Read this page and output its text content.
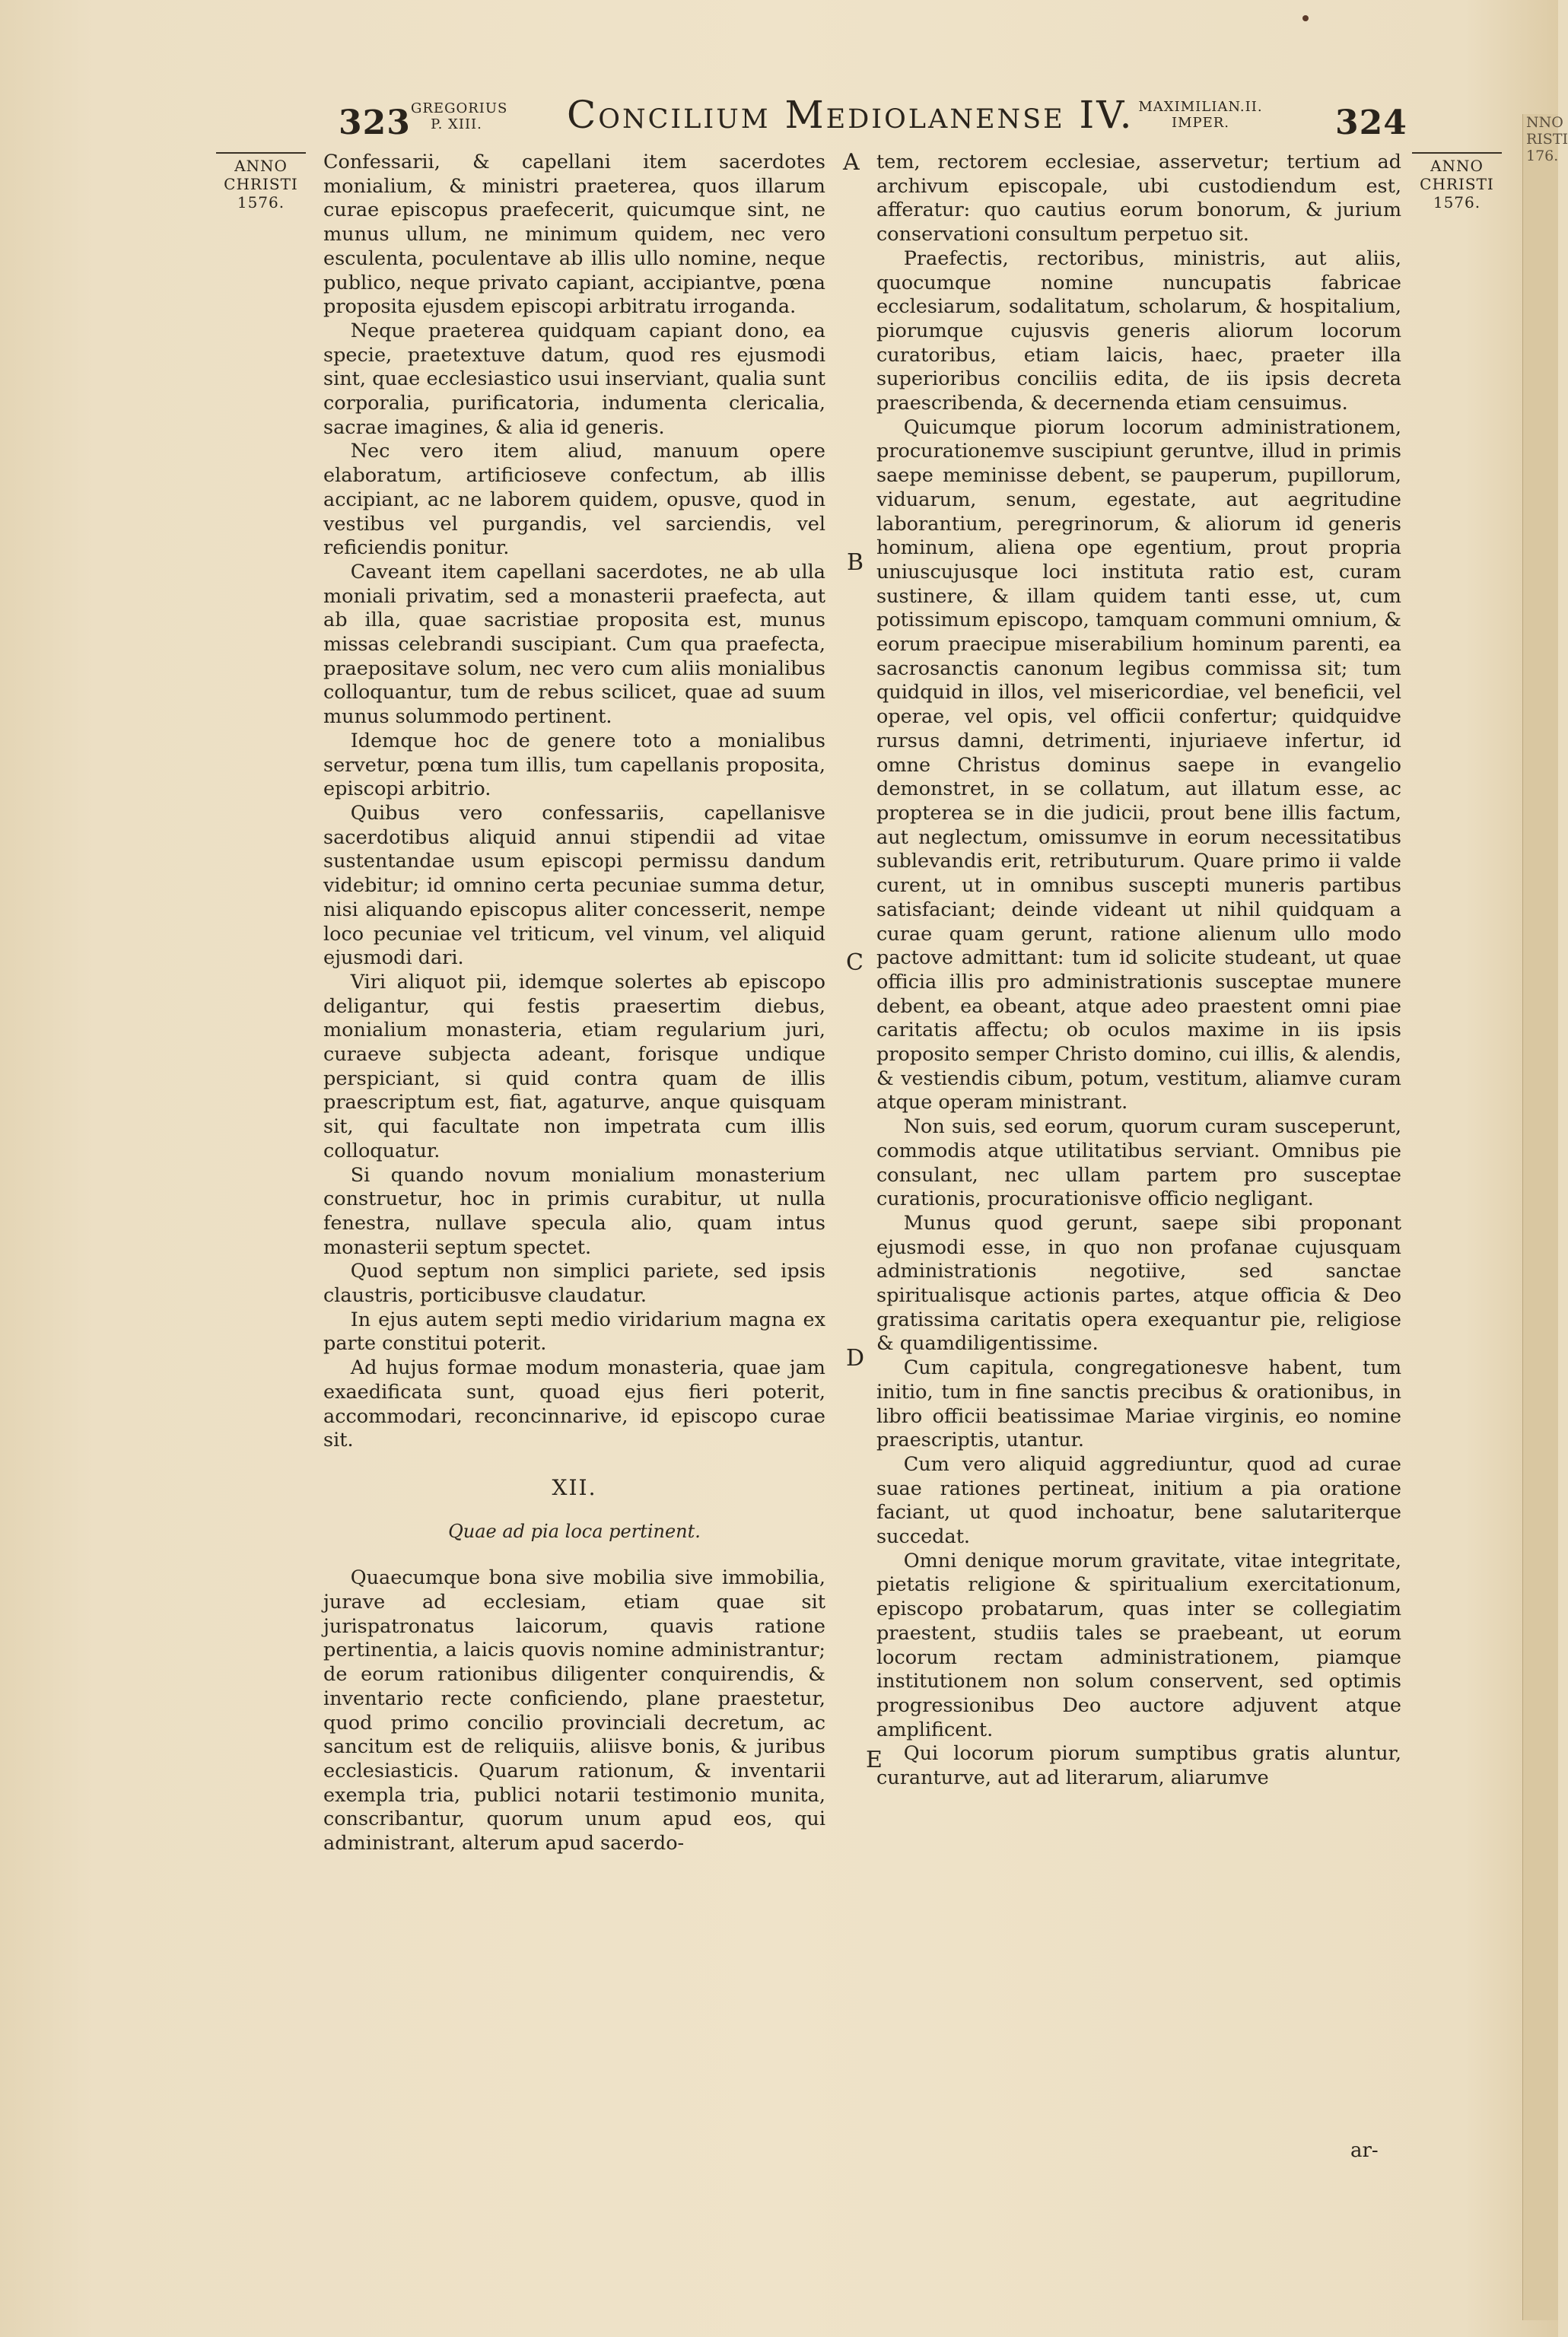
323 GREGORIUS
P. XIII.	Concilium Mediolanense IV. MAXIMILIAN.II.
IMPER.	324
ANNO
CHRISTI
1576.
ANNO
CHRISTI
1576.
NNO
RISTI
176.
A
B
C
D
E

Confessarii, & capellani item sacerdotes monialium, & ministri praeterea, quos illarum curae episcopus praefecerit, quicumque sint, ne munus ullum, ne minimum quidem, nec vero esculenta, poculentave ab illis ullo nomine, neque publico, neque privato capiant, accipiantve, pœna proposita ejusdem episcopi arbitratu irroganda.

Neque praeterea quidquam capiant dono, ea specie, praetextuve datum, quod res ejusmodi sint, quae ecclesiastico usui inserviant, qualia sunt corporalia, purificatoria, indumenta clericalia, sacrae imagines, & alia id generis.

Nec vero item aliud, manuum opere elaboratum, artificioseve confectum, ab illis accipiant, ac ne laborem quidem, opusve, quod in vestibus vel purgandis, vel sarciendis, vel reficiendis ponitur.

Caveant item capellani sacerdotes, ne ab ulla moniali privatim, sed a monasterii praefecta, aut ab illa, quae sacristiae proposita est, munus missas celebrandi suscipiant. Cum qua praefecta, praepositave solum, nec vero cum aliis monialibus colloquantur, tum de rebus scilicet, quae ad suum munus solummodo pertinent.

Idemque hoc de genere toto a monialibus servetur, pœna tum illis, tum capellanis proposita, episcopi arbitrio.

Quibus vero confessariis, capellanisve sacerdotibus aliquid annui stipendii ad vitae sustentandae usum episcopi permissu dandum videbitur; id omnino certa pecuniae summa detur, nisi aliquando episcopus aliter concesserit, nempe loco pecuniae vel triticum, vel vinum, vel aliquid ejusmodi dari.

Viri aliquot pii, idemque solertes ab episcopo deligantur, qui festis praesertim diebus, monialium monasteria, etiam regularium juri, curaeve subjecta adeant, forisque undique perspiciant, si quid contra quam de illis praescriptum est, fiat, agaturve, anque quisquam sit, qui facultate non impetrata cum illis colloquatur.

Si quando novum monialium monasterium construetur, hoc in primis curabitur, ut nulla fenestra, nullave specula alio, quam intus monasterii septum spectet.

Quod septum non simplici pariete, sed ipsis claustris, porticibusve claudatur.

In ejus autem septi medio viridarium magna ex parte constitui poterit.

Ad hujus formae modum monasteria, quae jam exaedificata sunt, quoad ejus fieri poterit, accommodari, reconcinnarive, id episcopo curae sit.

XII.
Quae ad pia loca pertinent.

Quaecumque bona sive mobilia sive immobilia, jurave ad ecclesiam, etiam quae sit jurispatronatus laicorum, quavis ratione pertinentia, a laicis quovis nomine administrantur; de eorum rationibus diligenter conquirendis, & inventario recte conficiendo, plane praestetur, quod primo concilio provinciali decretum, ac sancitum est de reliquiis, aliisve bonis, & juribus ecclesiasticis. Quarum rationum, & inventarii exempla tria, publici notarii testimonio munita, conscribantur, quorum unum apud eos, qui administrant, alterum apud sacerdo-

tem, rectorem ecclesiae, asservetur; tertium ad archivum episcopale, ubi custodiendum est, afferatur: quo cautius eorum bonorum, & jurium conservationi consultum perpetuo sit.

Praefectis, rectoribus, ministris, aut aliis, quocumque nomine nuncupatis fabricae ecclesiarum, sodalitatum, scholarum, & hospitalium, piorumque cujusvis generis aliorum locorum curatoribus, etiam laicis, haec, praeter illa superioribus conciliis edita, de iis ipsis decreta praescribenda, & decernenda etiam censuimus.

Quicumque piorum locorum administrationem, procurationemve suscipiunt geruntve, illud in primis saepe meminisse debent, se pauperum, pupillorum, viduarum, senum, egestate, aut aegritudine laborantium, peregrinorum, & aliorum id generis hominum, aliena ope egentium, prout propria uniuscujusque loci instituta ratio est, curam sustinere, & illam quidem tanti esse, ut, cum potissimum episcopo, tamquam communi omnium, & eorum praecipue miserabilium hominum parenti, ea sacrosanctis canonum legibus commissa sit; tum quidquid in illos, vel misericordiae, vel beneficii, vel operae, vel opis, vel officii confertur; quidquidve rursus damni, detrimenti, injuriaeve infertur, id omne Christus dominus saepe in evangelio demonstret, in se collatum, aut illatum esse, ac propterea se in die judicii, prout bene illis factum, aut neglectum, omissumve in eorum necessitatibus sublevandis erit, retributurum. Quare primo ii valde curent, ut in omnibus suscepti muneris partibus satisfaciant; deinde videant ut nihil quidquam a curae quam gerunt, ratione alienum ullo modo pactove admittant: tum id solicite studeant, ut quae officia illis pro administrationis susceptae munere debent, ea obeant, atque adeo praestent omni piae caritatis affectu; ob oculos maxime in iis ipsis proposito semper Christo domino, cui illis, & alendis, & vestiendis cibum, potum, vestitum, aliamve curam atque operam ministrant.

Non suis, sed eorum, quorum curam susceperunt, commodis atque utilitatibus serviant. Omnibus pie consulant, nec ullam partem pro susceptae curationis, procurationisve officio negligant.

Munus quod gerunt, saepe sibi proponant ejusmodi esse, in quo non profanae cujusquam administrationis negotiive, sed sanctae spiritualisque actionis partes, atque officia & Deo gratissima caritatis opera exequantur pie, religiose & quamdiligentissime.

Cum capitula, congregationesve habent, tum initio, tum in fine sanctis precibus & orationibus, in libro officii beatissimae Mariae virginis, eo nomine praescriptis, utantur.

Cum vero aliquid aggrediuntur, quod ad curae suae rationes pertineat, initium a pia oratione faciant, ut quod inchoatur, bene salutariterque succedat.

Omni denique morum gravitate, vitae integritate, pietatis religione & spiritualium exercitationum, episcopo probatarum, quas inter se collegiatim praestent, studiis tales se praebeant, ut eorum locorum rectam administrationem, piamque institutionem non solum conservent, sed optimis progressionibus Deo auctore adjuvent atque amplificent.

Qui locorum piorum sumptibus gratis aluntur, curanturve, aut ad literarum, aliarumve

ar-
